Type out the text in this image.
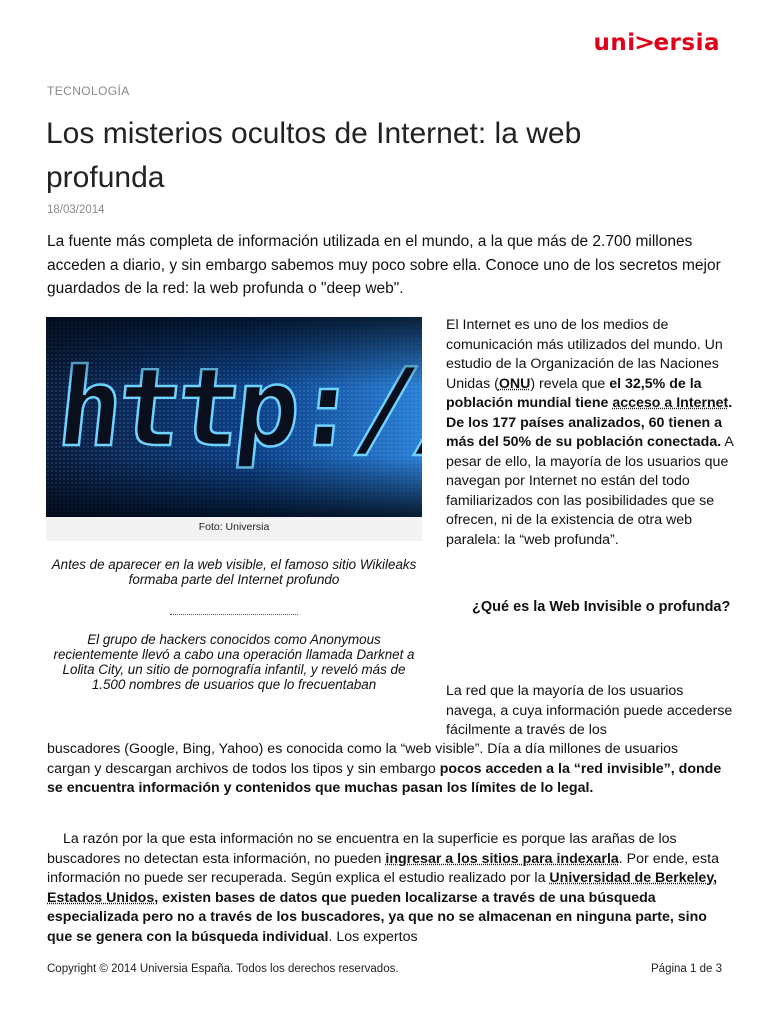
uni>ersia
TECNOLOGÍA
Los misterios ocultos de Internet: la web profunda
18/03/2014

La fuente más completa de información utilizada en el mundo, a la que más de 2.700 millones acceden a diario, y sin embargo sabemos muy poco sobre ella. Conoce uno de los secretos mejor guardados de la red: la web profunda o "deep web".

Foto: Universia

Antes de aparecer en la web visible, el famoso sitio Wikileaks formaba parte del Internet profundo

El grupo de hackers conocidos como Anonymous recientemente llevó a cabo una operación llamada Darknet a Lolita City, un sitio de pornografía infantil, y reveló más de 1.500 nombres de usuarios que lo frecuentaban

El Internet es uno de los medios de comunicación más utilizados del mundo. Un estudio de la Organización de las Naciones Unidas (ONU) revela que el 32,5% de la población mundial tiene acceso a Internet. De los 177 países analizados, 60 tienen a más del 50% de su población conectada. A pesar de ello, la mayoría de los usuarios que navegan por Internet no están del todo familiarizados con las posibilidades que se ofrecen, ni de la existencia de otra web paralela: la “web profunda”.

¿Qué es la Web Invisible o profunda?

La red que la mayoría de los usuarios navega, a cuya información puede accederse fácilmente a través de los

buscadores (Google, Bing, Yahoo) es conocida como la “web visible”. Día a día millones de usuarios cargan y descargan archivos de todos los tipos y sin embargo pocos acceden a la “red invisible”, donde se encuentra información y contenidos que muchas pasan los límites de lo legal.

La razón por la que esta información no se encuentra en la superficie es porque las arañas de los buscadores no detectan esta información, no pueden ingresar a los sitios para indexarla. Por ende, esta información no puede ser recuperada. Según explica el estudio realizado por la Universidad de Berkeley, Estados Unidos, existen bases de datos que pueden localizarse a través de una búsqueda especializada pero no a través de los buscadores, ya que no se almacenan en ninguna parte, sino que se genera con la búsqueda individual. Los expertos

Copyright © 2014 Universia España. Todos los derechos reservados.	Página 1 de 3
